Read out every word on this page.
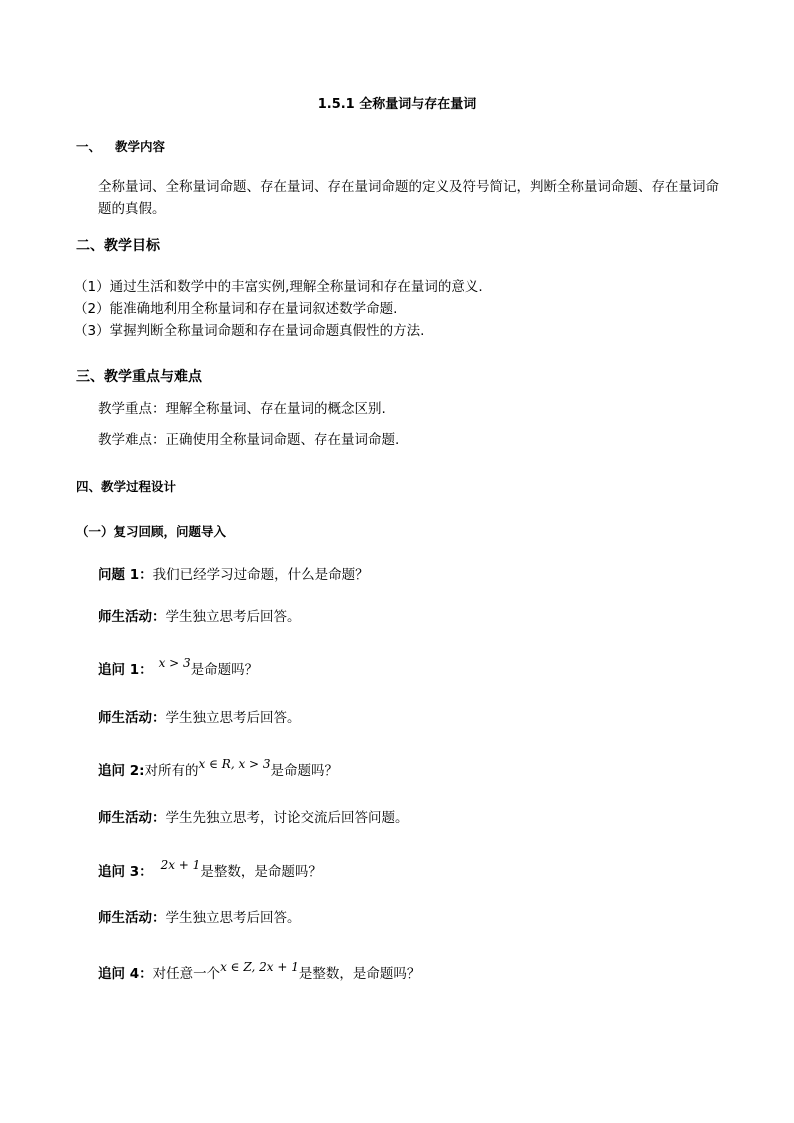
1.5.1 全称量词与存在量词
一、 教学内容
全称量词、全称量词命题、存在量词、存在量词命题的定义及符号简记，判断全称量词命题、存在量词命题的真假。
二、教学目标
（1）通过生活和数学中的丰富实例,理解全称量词和存在量词的意义.
（2）能准确地利用全称量词和存在量词叙述数学命题.
（3）掌握判断全称量词命题和存在量词命题真假性的方法.
三、教学重点与难点
教学重点：理解全称量词、存在量词的概念区别.
教学难点：正确使用全称量词命题、存在量词命题.
四、教学过程设计
（一）复习回顾，问题导入
问题 1：我们已经学习过命题，什么是命题？
师生活动：学生独立思考后回答。
追问 1： x > 3是命题吗？
师生活动：学生独立思考后回答。
追问 2:对所有的x ∈ R, x > 3是命题吗？
师生活动：学生先独立思考，讨论交流后回答问题。
追问 3： 2x + 1是整数，是命题吗？
师生活动：学生独立思考后回答。
追问 4：对任意一个x ∈ Z, 2x + 1是整数，是命题吗？
